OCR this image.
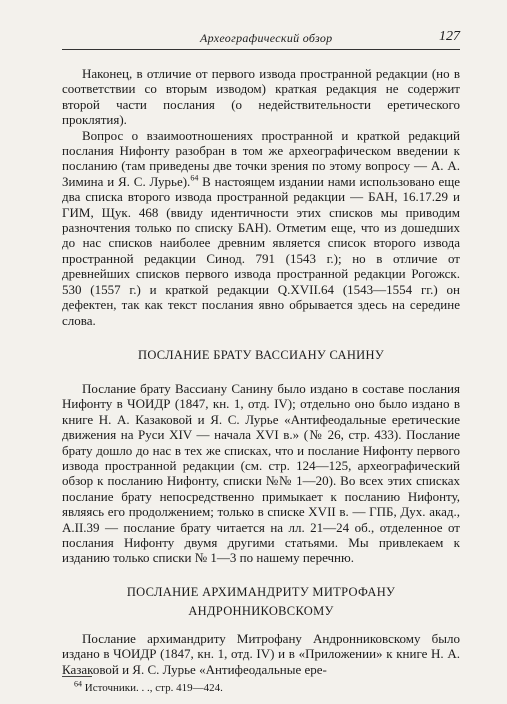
Археографический обзор	127

Наконец, в отличие от первого извода пространной редакции (но в соответствии со вторым изводом) краткая редакция не содержит второй части послания (о недействительности еретического проклятия).

Вопрос о взаимоотношениях пространной и краткой редакций послания Нифонту разобран в том же археографическом введении к посланию (там приведены две точки зрения по этому вопросу — А. А. Зимина и Я. С. Лурье).$^{64}$ В настоящем издании нами использовано еще два списка второго извода пространной редакции — БАН, 16.17.29 и ГИМ, Щук. 468 (ввиду идентичности этих списков мы приводим разночтения только по списку БАН). Отметим еще, что из дошедших до нас списков наиболее древним является список второго извода пространной редакции Синод. 791 (1543 г.); но в отличие от древнейших списков первого извода пространной редакции Рогожск. 530 (1557 г.) и краткой редакции Q.XVII.64 (1543—1554 гг.) он дефектен, так как текст послания явно обрывается здесь на середине слова.

ПОСЛАНИЕ БРАТУ ВАССИАНУ САНИНУ

Послание брату Вассиану Санину было издано в составе послания Нифонту в ЧОИДР (1847, кн. 1, отд. IV); отдельно оно было издано в книге Н. А. Казаковой и Я. С. Лурье «Антифеодальные еретические движения на Руси XIV — начала XVI в.» (№ 26, стр. 433). Послание брату дошло до нас в тех же списках, что и послание Нифонту первого извода пространной редакции (см. стр. 124—125, археографический обзор к посланию Нифонту, списки №№ 1—20). Во всех этих списках послание брату непосредственно примыкает к посланию Нифонту, являясь его продолжением; только в списке XVII в. — ГПБ, Дух. акад., А.II.39 — послание брату читается на лл. 21—24 об., отделенное от послания Нифонту двумя другими статьями. Мы привлекаем к изданию только списки № 1—3 по нашему перечню.

ПОСЛАНИЕ АРХИМАНДРИТУ МИТРОФАНУ АНДРОННИКОВСКОМУ

Послание архимандриту Митрофану Андронниковскому было издано в ЧОИДР (1847, кн. 1, отд. IV) и в «Приложении» к книге Н. А. Казаковой и Я. С. Лурье «Антифеодальные ере-

$^{64}$ Источники. . ., стр. 419—424.
